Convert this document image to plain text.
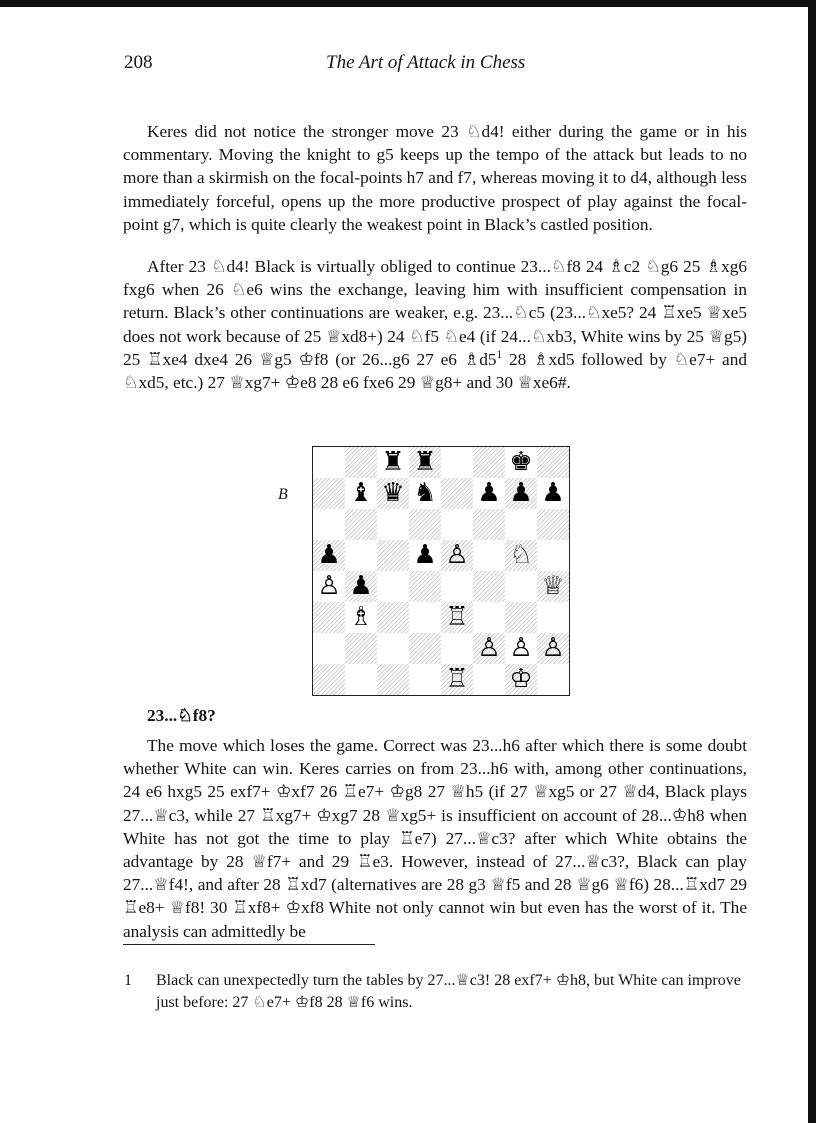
208	The Art of Attack in Chess

Keres did not notice the stronger move 23 ♘d4! either during the game or in his commentary. Moving the knight to g5 keeps up the tempo of the attack but leads to no more than a skirmish on the focal-points h7 and f7, whereas moving it to d4, although less immediately forceful, opens up the more productive prospect of play against the focal-point g7, which is quite clearly the weakest point in Black’s castled position.

After 23 ♘d4! Black is virtually obliged to continue 23...♘f8 24 ♗c2 ♘g6 25 ♗xg6 fxg6 when 26 ♘e6 wins the exchange, leaving him with insufficient compensation in return. Black’s other continuations are weaker, e.g. 23...♘c5 (23...♘xe5? 24 ♖xe5 ♕xe5 does not work because of 25 ♕xd8+) 24 ♘f5 ♘e4 (if 24...♘xb3, White wins by 25 ♕g5) 25 ♖xe4 dxe4 26 ♕g5 ♔f8 (or 26...g6 27 e6 $♗d5^1$ 28 ♗xd5 followed by ♘e7+ and ♘xd5, etc.) 27 ♕xg7+ ♔e8 28 e6 fxe6 29 ♕g8+ and 30 ♕xe6#.

B
♜ ♜	♚
♝ ♛ ♞ ♟ ♟ ♟
♟	♟ ♙ ♘
♙ ♟	♕
♗	♖
♙ ♙ ♙
♖ ♔
23...♘f8?

The move which loses the game. Correct was 23...h6 after which there is some doubt whether White can win. Keres carries on from 23...h6 with, among other continuations, 24 e6 hxg5 25 exf7+ ♔xf7 26 ♖e7+ ♔g8 27 ♕h5 (if 27 ♕xg5 or 27 ♕d4, Black plays 27...♕c3, while 27 ♖xg7+ ♔xg7 28 ♕xg5+ is insufficient on account of 28...♔h8 when White has not got the time to play ♖e7) 27...♕c3? after which White obtains the advantage by 28 ♕f7+ and 29 ♖e3. However, instead of 27...♕c3?, Black can play 27...♕f4!, and after 28 ♖xd7 (alternatives are 28 g3 ♕f5 and 28 ♕g6 ♕f6) 28...♖xd7 29 ♖e8+ ♕f8! 30 ♖xf8+ ♔xf8 White not only cannot win but even has the worst of it. The analysis can admittedly be

1 Black can unexpectedly turn the tables by 27...♕c3! 28 exf7+ ♔h8, but White can improve just before: 27 ♘e7+ ♔f8 28 ♕f6 wins.
